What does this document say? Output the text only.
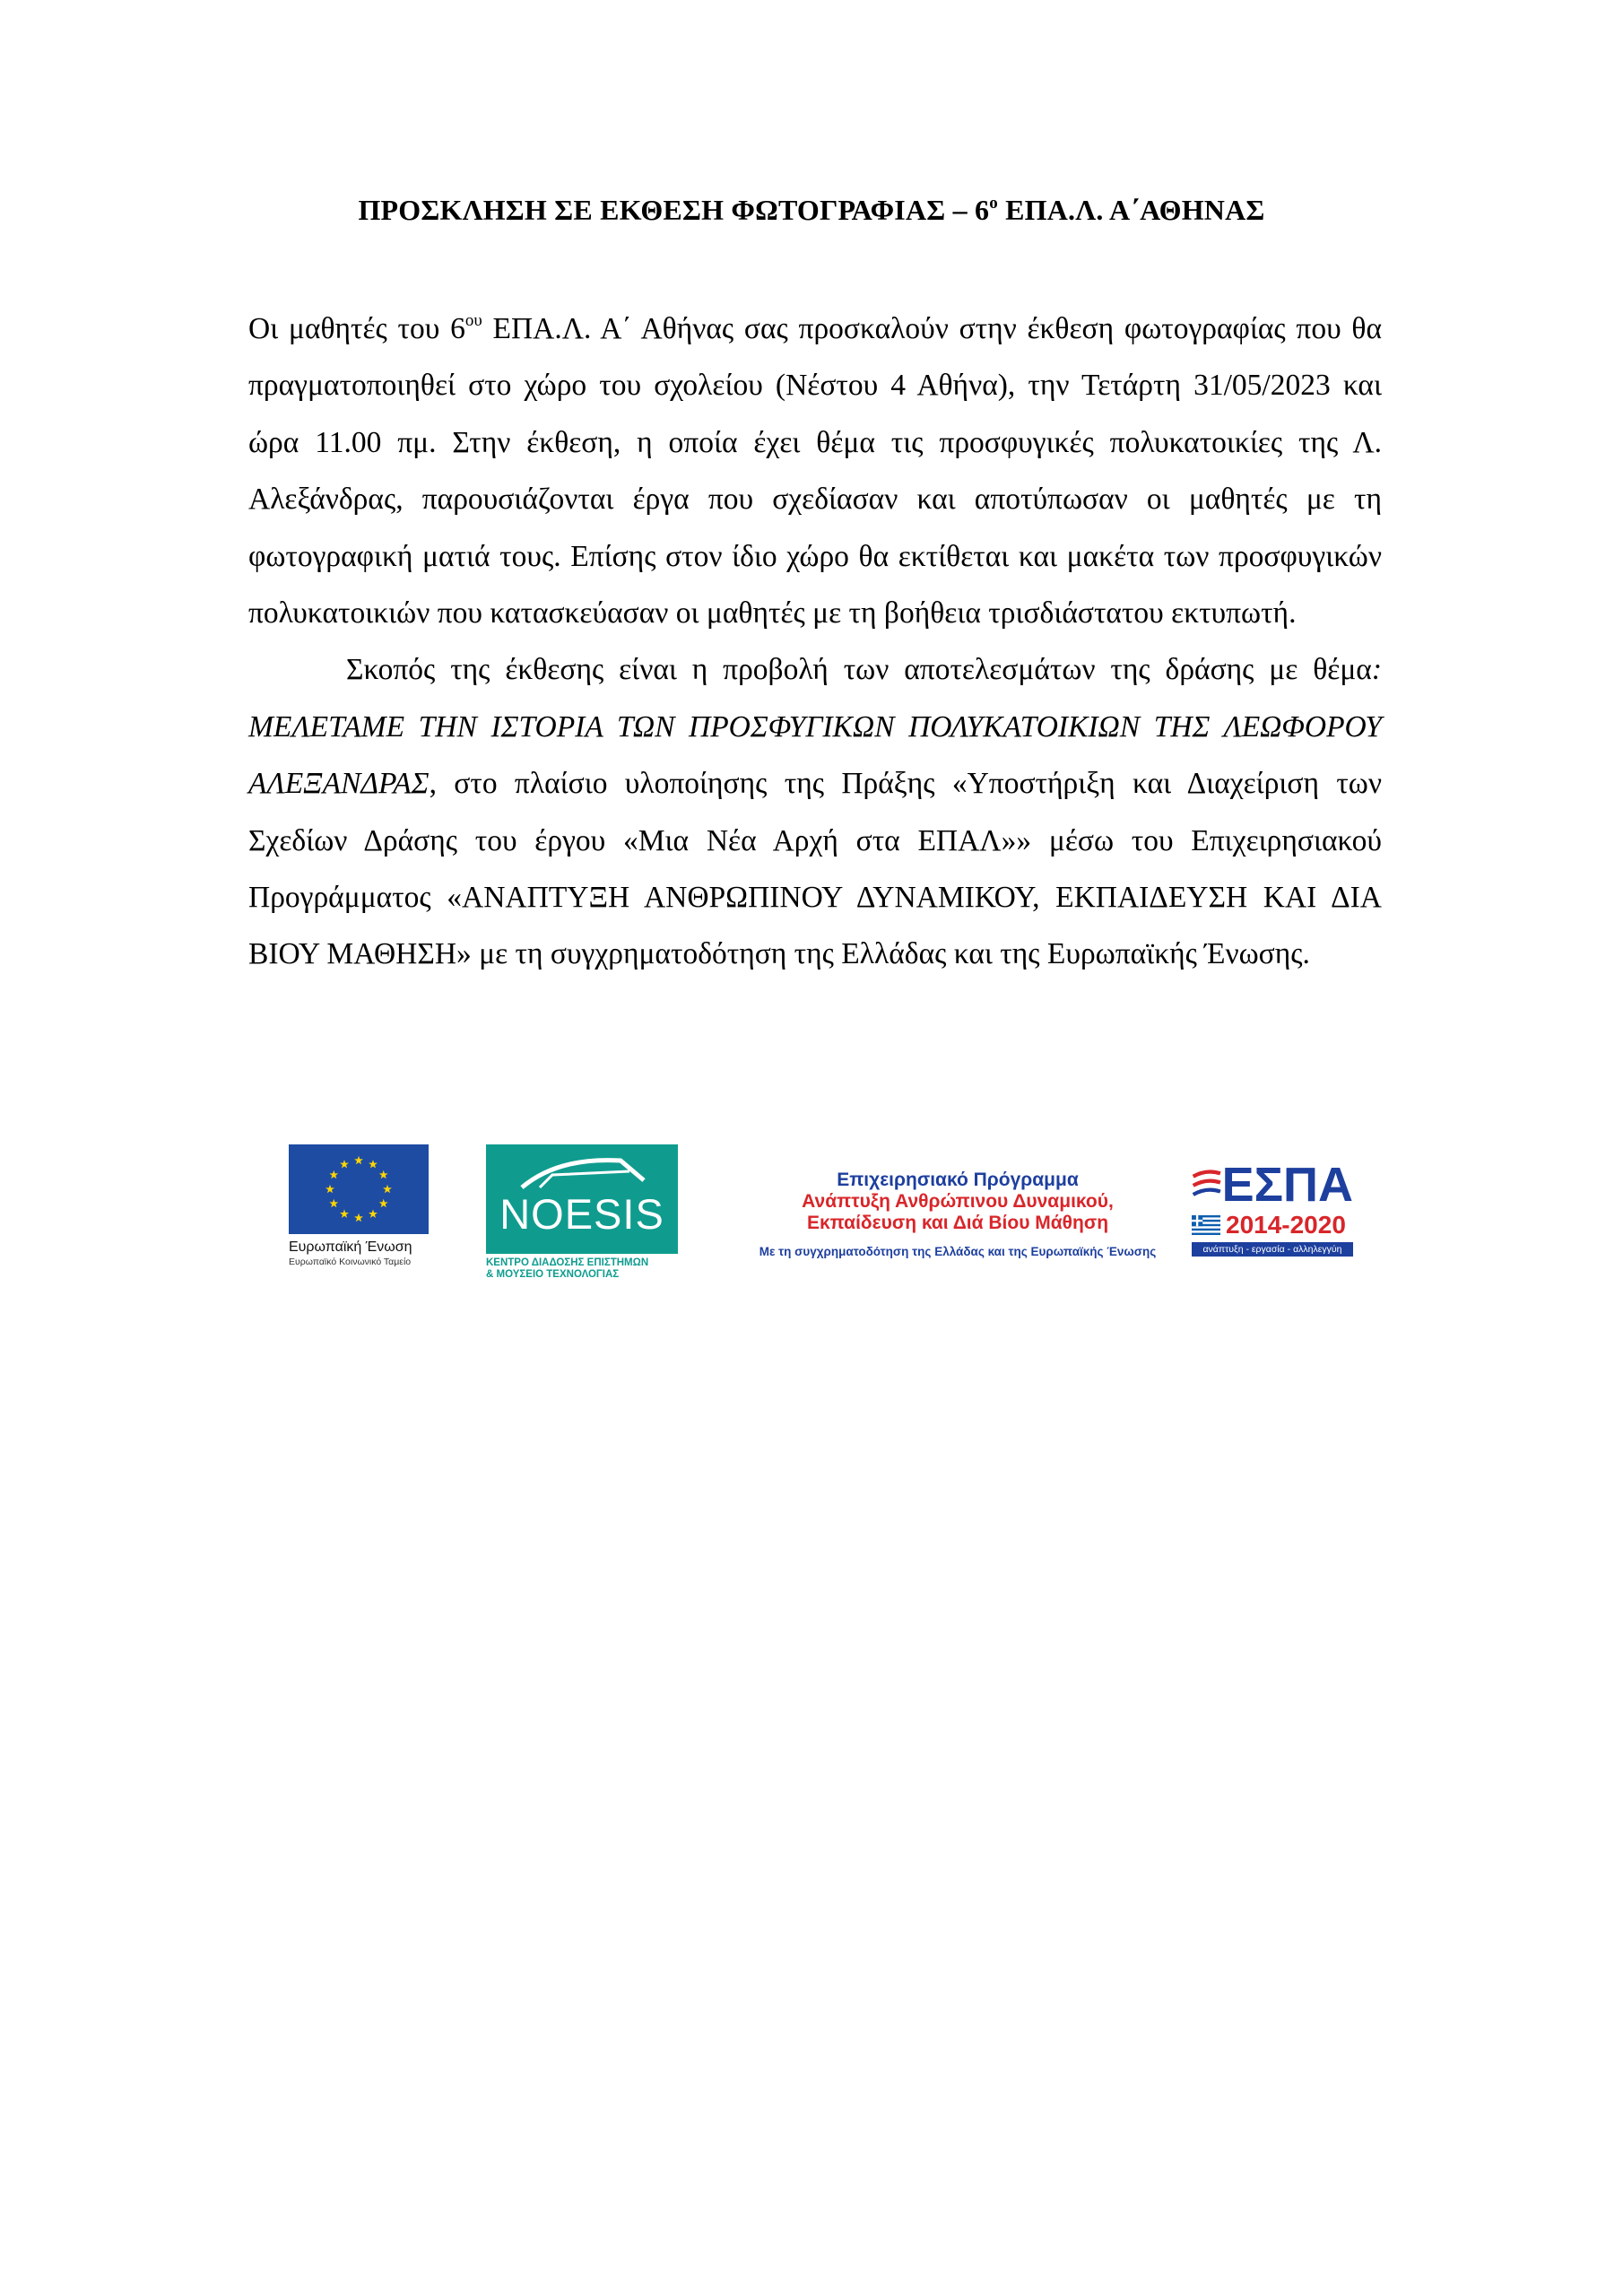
ΠΡΟΣΚΛΗΣΗ ΣΕ ΕΚΘΕΣΗ ΦΩΤΟΓΡΑΦΙΑΣ – $6^o$ ΕΠΑ.Λ. Α΄ΑΘΗΝΑΣ

Οι μαθητές του $6^{o\upsilon}$ ΕΠΑ.Λ. Α΄ Αθήνας σας προσκαλούν στην έκθεση φωτογραφίας που θα πραγματοποιηθεί στο χώρο του σχολείου (Νέστου 4 Αθήνα), την Τετάρτη 31/05/2023 και ώρα 11.00 πμ. Στην έκθεση, η οποία έχει θέμα τις προσφυγικές πολυκατοικίες της Λ. Αλεξάνδρας, παρουσιάζονται έργα που σχεδίασαν και αποτύπωσαν οι μαθητές με τη φωτογραφική ματιά τους. Επίσης στον ίδιο χώρο θα εκτίθεται και μακέτα των προσφυγικών πολυκατοικιών που κατασκεύασαν οι μαθητές με τη βοήθεια τρισδιάστατου εκτυπωτή.

Σκοπός της έκθεσης είναι η προβολή των αποτελεσμάτων της δράσης με θέμα: ΜΕΛΕΤΑΜΕ ΤΗΝ ΙΣΤΟΡΙΑ ΤΩΝ ΠΡΟΣΦΥΓΙΚΩΝ ΠΟΛΥΚΑΤΟΙΚΙΩΝ ΤΗΣ ΛΕΩΦΟΡΟΥ ΑΛΕΞΑΝΔΡΑΣ, στο πλαίσιο υλοποίησης της Πράξης «Υποστήριξη και Διαχείριση των Σχεδίων Δράσης του έργου «Μια Νέα Αρχή στα ΕΠΑΛ»» μέσω του Επιχειρησιακού Προγράμματος «ΑΝΑΠΤΥΞΗ ΑΝΘΡΩΠΙΝΟΥ ΔΥΝΑΜΙΚΟΥ, ΕΚΠΑΙΔΕΥΣΗ ΚΑΙ ΔΙΑ ΒΙΟΥ ΜΑΘΗΣΗ» με τη συγχρηματοδότηση της Ελλάδας και της Ευρωπαϊκής Ένωσης.

Ευρωπαϊκή Ένωση
Ευρωπαϊκό Κοινωνικό Ταμείο
NOESIS
ΚΕΝΤΡΟ ΔΙΑΔΟΣΗΣ ΕΠΙΣΤΗΜΩΝ
& ΜΟΥΣΕΙΟ ΤΕΧΝΟΛΟΓΙΑΣ
Επιχειρησιακό Πρόγραμμα
Ανάπτυξη Ανθρώπινου Δυναμικού,
Εκπαίδευση και Διά Βίου Μάθηση
Με τη συγχρηματοδότηση της Ελλάδας και της Ευρωπαϊκής Ένωσης
ΕΣΠΑ
2014-2020
ανάπτυξη - εργασία - αλληλεγγύη
